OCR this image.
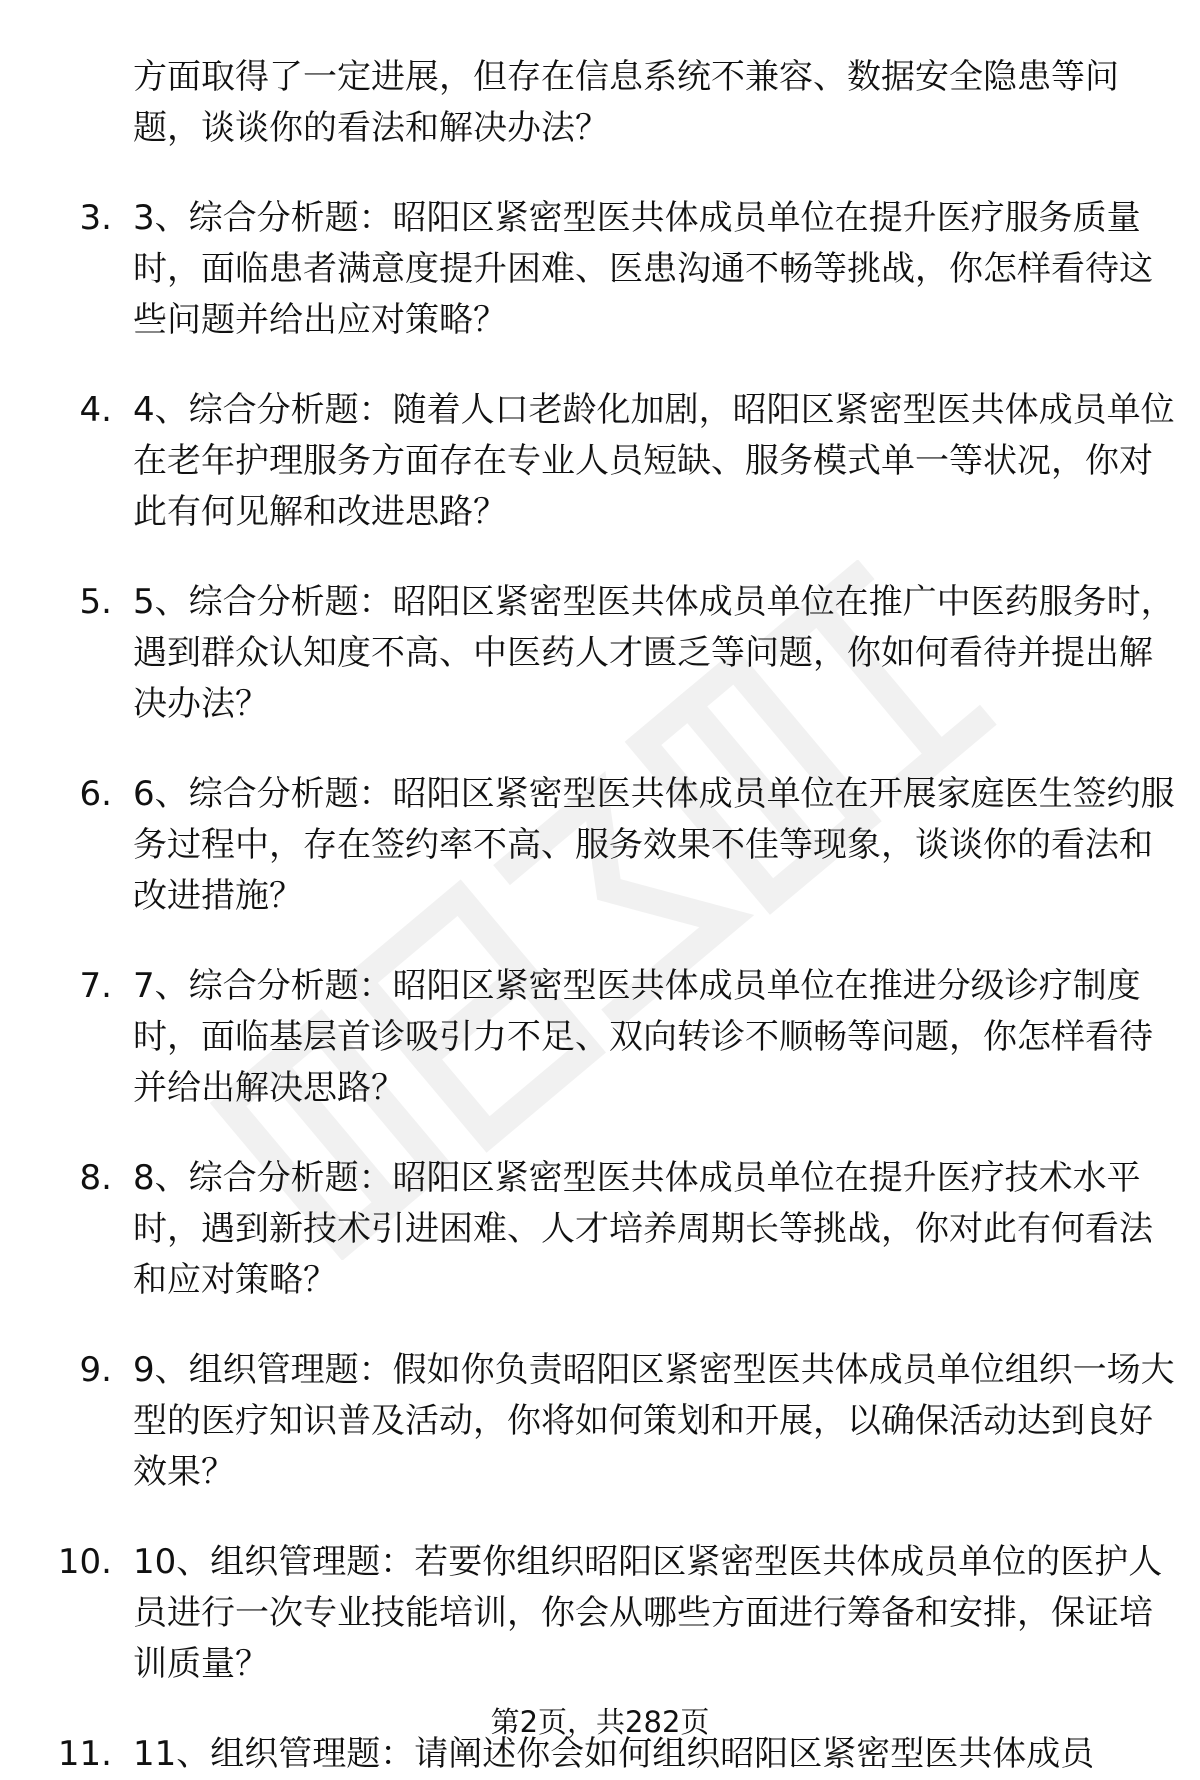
方面取得了一定进展，但存在信息系统不兼容、数据安全隐患等问题，谈谈你的看法和解决办法？
3. 3、综合分析题：昭阳区紧密型医共体成员单位在提升医疗服务质量时，面临患者满意度提升困难、医患沟通不畅等挑战，你怎样看待这些问题并给出应对策略？
4. 4、综合分析题：随着人口老龄化加剧，昭阳区紧密型医共体成员单位在老年护理服务方面存在专业人员短缺、服务模式单一等状况，你对此有何见解和改进思路？
5. 5、综合分析题：昭阳区紧密型医共体成员单位在推广中医药服务时，遇到群众认知度不高、中医药人才匮乏等问题，你如何看待并提出解决办法？
6. 6、综合分析题：昭阳区紧密型医共体成员单位在开展家庭医生签约服务过程中，存在签约率不高、服务效果不佳等现象，谈谈你的看法和改进措施？
7. 7、综合分析题：昭阳区紧密型医共体成员单位在推进分级诊疗制度时，面临基层首诊吸引力不足、双向转诊不顺畅等问题，你怎样看待并给出解决思路？
8. 8、综合分析题：昭阳区紧密型医共体成员单位在提升医疗技术水平时，遇到新技术引进困难、人才培养周期长等挑战，你对此有何看法和应对策略？
9. 9、组织管理题：假如你负责昭阳区紧密型医共体成员单位组织一场大型的医疗知识普及活动，你将如何策划和开展，以确保活动达到良好效果？
10. 10、组织管理题：若要你组织昭阳区紧密型医共体成员单位的医护人员进行一次专业技能培训，你会从哪些方面进行筹备和安排，保证培训质量？
11. 11、组织管理题：请阐述你会如何组织昭阳区紧密型医共体成员
第2页，共282页
